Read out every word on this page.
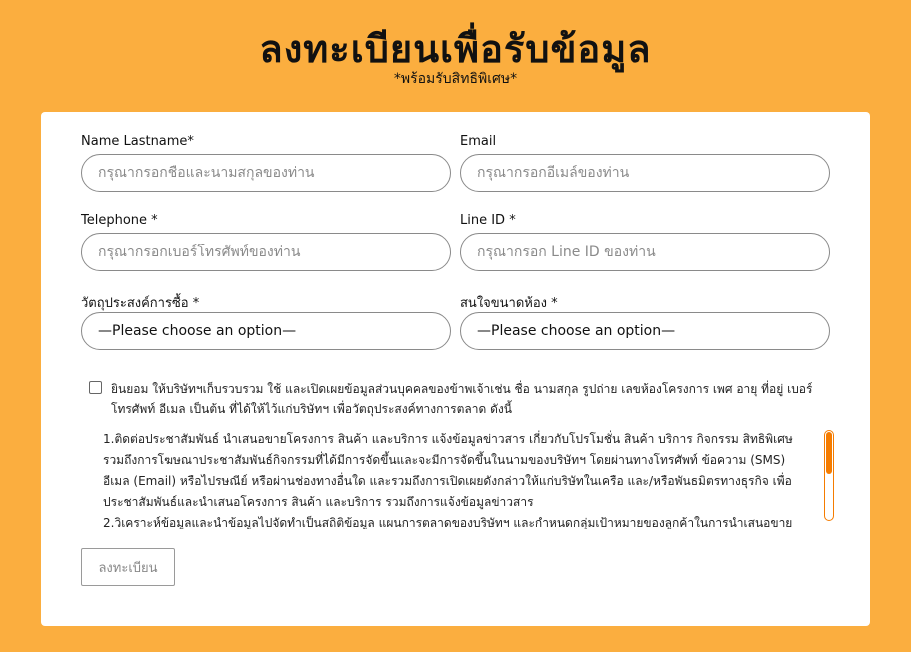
ลงทะเบียนเพื่อรับข้อมูล
*พร้อมรับสิทธิพิเศษ*
Name Lastname*
กรุณากรอกชื่อและนามสกุลของท่าน	Email
กรุณากรอกอีเมล์ของท่าน
Telephone *
กรุณากรอกเบอร์โทรศัพท์ของท่าน	Line ID *
กรุณากรอก Line ID ของท่าน
วัตถุประสงค์การซื้อ *
—Please choose an option—
สนใจขนาดห้อง *
—Please choose an option—
ยินยอม ให้บริษัทฯเก็บรวบรวม ใช้ และเปิดเผยข้อมูลส่วนบุคคลของข้าพเจ้าเช่น ชื่อ นามสกุล รูปถ่าย เลขห้องโครงการ เพศ อายุ ที่อยู่ เบอร์โทรศัพท์ อีเมล เป็นต้น ที่ได้ให้ไว้แก่บริษัทฯ เพื่อวัตถุประสงค์ทางการตลาด ดังนี้
1.ติดต่อประชาสัมพันธ์ นำเสนอขายโครงการ สินค้า และบริการ แจ้งข้อมูลข่าวสาร เกี่ยวกับโปรโมชั่น สินค้า บริการ กิจกรรม สิทธิพิเศษ รวมถึงการโฆษณาประชาสัมพันธ์กิจกรรมที่ได้มีการจัดขึ้นและจะมีการจัดขึ้นในนามของบริษัทฯ โดยผ่านทางโทรศัพท์ ข้อความ (SMS) อีเมล (Email) หรือไปรษณีย์ หรือผ่านช่องทางอื่นใด และรวมถึงการเปิดเผยดังกล่าวให้แก่บริษัทในเครือ และ/หรือพันธมิตรทางธุรกิจ เพื่อประชาสัมพันธ์และนำเสนอโครงการ สินค้า และบริการ รวมถึงการแจ้งข้อมูลข่าวสาร
2.วิเคราะห์ข้อมูลและนำข้อมูลไปจัดทำเป็นสถิติข้อมูล แผนการตลาดของบริษัทฯ และกำหนดกลุ่มเป้าหมายของลูกค้าในการนำเสนอขาย
ลงทะเบียน
